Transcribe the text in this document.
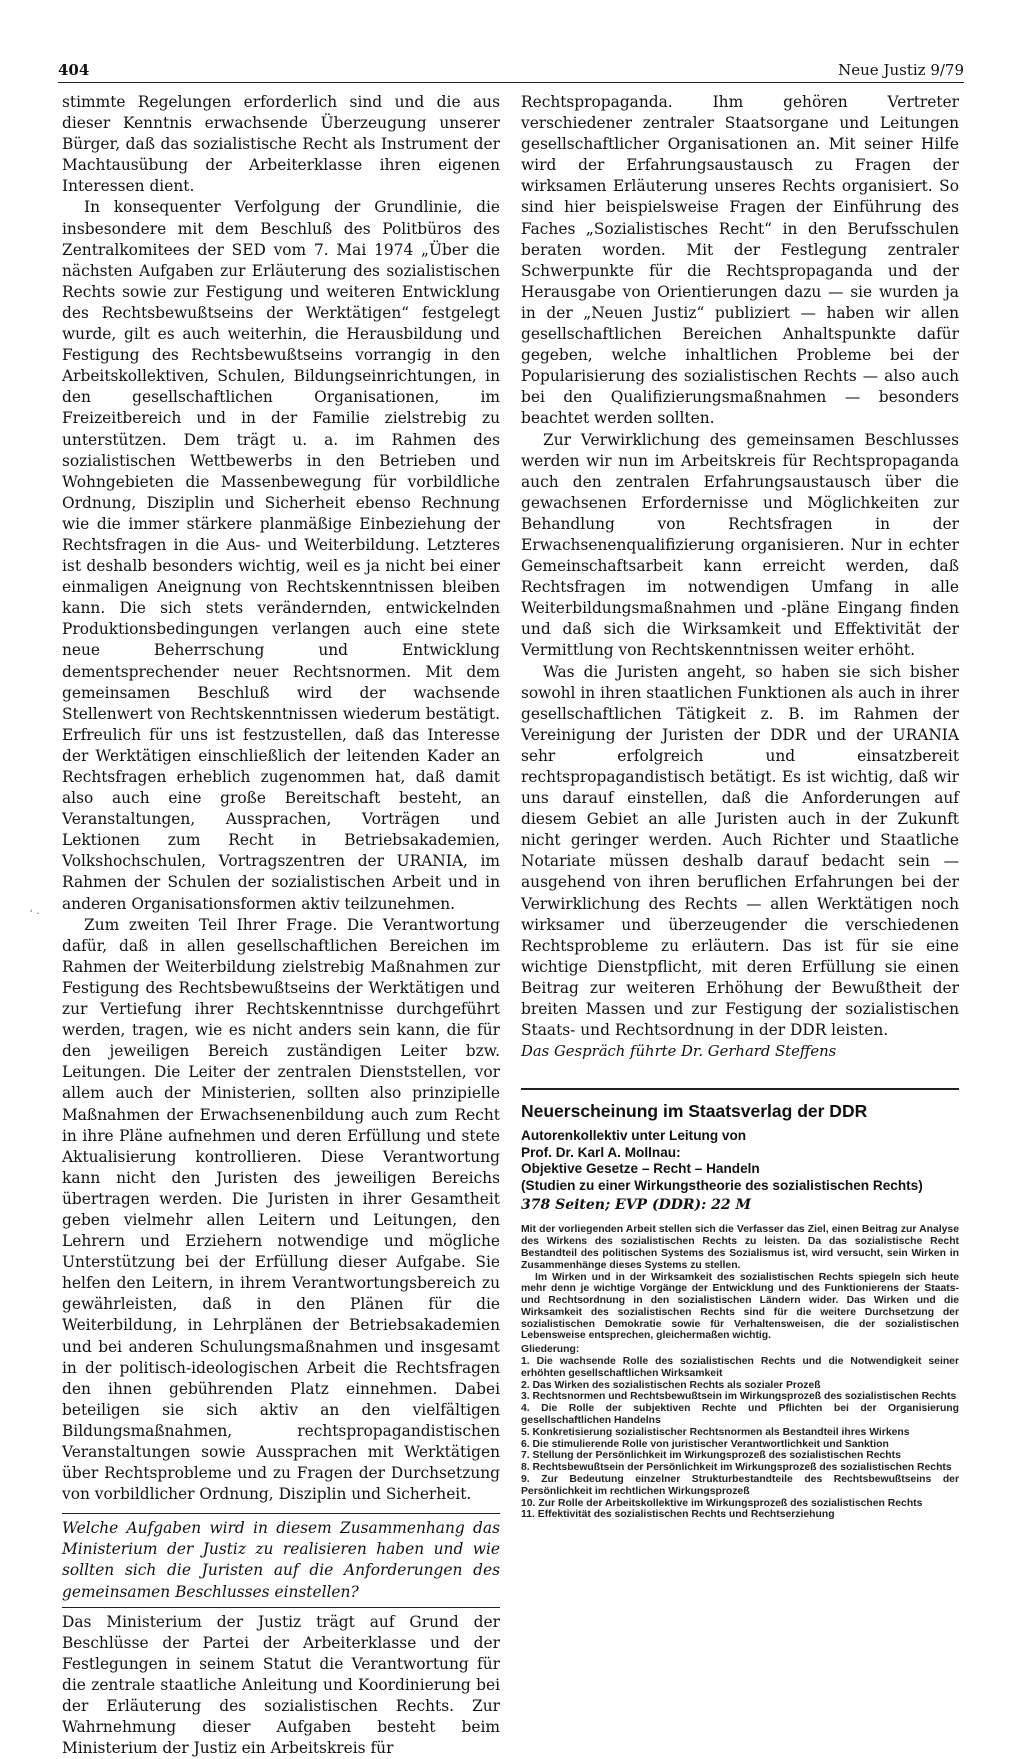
404	Neue Justiz 9/79
ʿ ·

stimmte Regelungen erforderlich sind und die aus dieser Kenntnis erwachsende Überzeugung unserer Bürger, daß das sozialistische Recht als Instrument der Machtausübung der Arbeiterklasse ihren eigenen Interessen dient.

In konsequenter Verfolgung der Grundlinie, die insbesondere mit dem Beschluß des Politbüros des Zentralkomitees der SED vom 7. Mai 1974 „Über die nächsten Aufgaben zur Erläuterung des sozialistischen Rechts sowie zur Festigung und weiteren Entwicklung des Rechtsbewußtseins der Werktätigen“ festgelegt wurde, gilt es auch weiterhin, die Herausbildung und Festigung des Rechtsbewußtseins vorrangig in den Arbeitskollektiven, Schulen, Bildungseinrichtungen, in den gesellschaftlichen Organisationen, im Freizeitbereich und in der Familie zielstrebig zu unterstützen. Dem trägt u. a. im Rahmen des sozialistischen Wettbewerbs in den Betrieben und Wohngebieten die Massenbewegung für vorbildliche Ordnung, Disziplin und Sicherheit ebenso Rechnung wie die immer stärkere planmäßige Einbeziehung der Rechtsfragen in die Aus- und Weiterbildung. Letzteres ist deshalb besonders wichtig, weil es ja nicht bei einer einmaligen Aneignung von Rechtskenntnissen bleiben kann. Die sich stets verändernden, entwickelnden Produktionsbedingungen verlangen auch eine stete neue Beherrschung und Entwicklung dementsprechender neuer Rechtsnormen. Mit dem gemeinsamen Beschluß wird der wachsende Stellenwert von Rechtskenntnissen wiederum bestätigt. Erfreulich für uns ist festzustellen, daß das Interesse der Werktätigen einschließlich der leitenden Kader an Rechtsfragen erheblich zugenommen hat, daß damit also auch eine große Bereitschaft besteht, an Veranstaltungen, Aussprachen, Vorträgen und Lektionen zum Recht in Betriebsakademien, Volkshochschulen, Vortragszentren der URANIA, im Rahmen der Schulen der sozialistischen Arbeit und in anderen Organisationsformen aktiv teilzunehmen.

Zum zweiten Teil Ihrer Frage. Die Verantwortung dafür, daß in allen gesellschaftlichen Bereichen im Rahmen der Weiterbildung zielstrebig Maßnahmen zur Festigung des Rechtsbewußtseins der Werktätigen und zur Vertiefung ihrer Rechtskenntnisse durchgeführt werden, tragen, wie es nicht anders sein kann, die für den jeweiligen Bereich zuständigen Leiter bzw. Leitungen. Die Leiter der zentralen Dienststellen, vor allem auch der Ministerien, sollten also prinzipielle Maßnahmen der Erwachsenenbildung auch zum Recht in ihre Pläne aufnehmen und deren Erfüllung und stete Aktualisierung kontrollieren. Diese Verantwortung kann nicht den Juristen des jeweiligen Bereichs übertragen werden. Die Juristen in ihrer Gesamtheit geben vielmehr allen Leitern und Leitungen, den Lehrern und Erziehern notwendige und mögliche Unterstützung bei der Erfüllung dieser Aufgabe. Sie helfen den Leitern, in ihrem Verantwortungsbereich zu gewährleisten, daß in den Plänen für die Weiterbildung, in Lehrplänen der Betriebsakademien und bei anderen Schulungsmaßnahmen und insgesamt in der politisch-ideologischen Arbeit die Rechtsfragen den ihnen gebührenden Platz einnehmen. Dabei beteiligen sie sich aktiv an den vielfältigen Bildungsmaßnahmen, rechtspropagandistischen Veranstaltungen sowie Aussprachen mit Werktätigen über Rechtsprobleme und zu Fragen der Durchsetzung von vorbildlicher Ordnung, Disziplin und Sicherheit.

Welche Aufgaben wird in diesem Zusammenhang das Ministerium der Justiz zu realisieren haben und wie sollten sich die Juristen auf die Anforderungen des gemeinsamen Beschlusses einstellen?

Das Ministerium der Justiz trägt auf Grund der Beschlüsse der Partei der Arbeiterklasse und der Festlegungen in seinem Statut die Verantwortung für die zentrale staatliche Anleitung und Koordinierung bei der Erläuterung des sozialistischen Rechts. Zur Wahrnehmung dieser Aufgaben besteht beim Ministerium der Justiz ein Arbeitskreis für

Rechtspropaganda. Ihm gehören Vertreter verschiedener zentraler Staatsorgane und Leitungen gesellschaftlicher Organisationen an. Mit seiner Hilfe wird der Erfahrungsaustausch zu Fragen der wirksamen Erläuterung unseres Rechts organisiert. So sind hier beispielsweise Fragen der Einführung des Faches „Sozialistisches Recht“ in den Berufsschulen beraten worden. Mit der Festlegung zentraler Schwerpunkte für die Rechtspropaganda und der Herausgabe von Orientierungen dazu — sie wurden ja in der „Neuen Justiz“ publiziert — haben wir allen gesellschaftlichen Bereichen Anhaltspunkte dafür gegeben, welche inhaltlichen Probleme bei der Popularisierung des sozialistischen Rechts — also auch bei den Qualifizierungsmaßnahmen — besonders beachtet werden sollten.

Zur Verwirklichung des gemeinsamen Beschlusses werden wir nun im Arbeitskreis für Rechtspropaganda auch den zentralen Erfahrungsaustausch über die gewachsenen Erfordernisse und Möglichkeiten zur Behandlung von Rechtsfragen in der Erwachsenenqualifizierung organisieren. Nur in echter Gemeinschaftsarbeit kann erreicht werden, daß Rechtsfragen im notwendigen Umfang in alle Weiterbildungsmaßnahmen und -pläne Eingang finden und daß sich die Wirksamkeit und Effektivität der Vermittlung von Rechtskenntnissen weiter erhöht.

Was die Juristen angeht, so haben sie sich bisher sowohl in ihren staatlichen Funktionen als auch in ihrer gesellschaftlichen Tätigkeit z. B. im Rahmen der Vereinigung der Juristen der DDR und der URANIA sehr erfolgreich und einsatzbereit rechtspropagandistisch betätigt. Es ist wichtig, daß wir uns darauf einstellen, daß die Anforderungen auf diesem Gebiet an alle Juristen auch in der Zukunft nicht geringer werden. Auch Richter und Staatliche Notariate müssen deshalb darauf bedacht sein — ausgehend von ihren beruflichen Erfahrungen bei der Verwirklichung des Rechts — allen Werktätigen noch wirksamer und überzeugender die verschiedenen Rechtsprobleme zu erläutern. Das ist für sie eine wichtige Dienstpflicht, mit deren Erfüllung sie einen Beitrag zur weiteren Erhöhung der Bewußtheit der breiten Massen und zur Festigung der sozialistischen Staats- und Rechtsordnung in der DDR leisten.

Das Gespräch führte Dr. Gerhard Steffens

Neuerscheinung im Staatsverlag der DDR
Autorenkollektiv unter Leitung von
Prof. Dr. Karl A. Mollnau:
Objektive Gesetze – Recht – Handeln
(Studien zu einer Wirkungstheorie des sozialistischen Rechts)
378 Seiten; EVP (DDR): 22 M

Mit der vorliegenden Arbeit stellen sich die Verfasser das Ziel, einen Beitrag zur Analyse des Wirkens des sozialistischen Rechts zu leisten. Da das sozialistische Recht Bestandteil des politischen Systems des Sozialismus ist, wird versucht, sein Wirken in Zusammenhänge dieses Systems zu stellen.

Im Wirken und in der Wirksamkeit des sozialistischen Rechts spiegeln sich heute mehr denn je wichtige Vorgänge der Entwicklung und des Funktionierens der Staats- und Rechtsordnung in den sozialistischen Ländern wider. Das Wirken und die Wirksamkeit des sozialistischen Rechts sind für die weitere Durchsetzung der sozialistischen Demokratie sowie für Verhaltensweisen, die der sozialistischen Lebensweise entsprechen, gleichermaßen wichtig.

Gliederung:
1. Die wachsende Rolle des sozialistischen Rechts und die Notwendigkeit seiner erhöhten gesellschaftlichen Wirksamkeit
2. Das Wirken des sozialistischen Rechts als sozialer Prozeß
3. Rechtsnormen und Rechtsbewußtsein im Wirkungsprozeß des sozialistischen Rechts
4. Die Rolle der subjektiven Rechte und Pflichten bei der Organisierung gesellschaftlichen Handelns
5. Konkretisierung sozialistischer Rechtsnormen als Bestandteil ihres Wirkens
6. Die stimulierende Rolle von juristischer Verantwortlichkeit und Sanktion
7. Stellung der Persönlichkeit im Wirkungsprozeß des sozialistischen Rechts
8. Rechtsbewußtsein der Persönlichkeit im Wirkungsprozeß des sozialistischen Rechts
9. Zur Bedeutung einzelner Strukturbestandteile des Rechtsbewußtseins der Persönlichkeit im rechtlichen Wirkungsprozeß
10. Zur Rolle der Arbeitskollektive im Wirkungsprozeß des sozialistischen Rechts
11. Effektivität des sozialistischen Rechts und Rechtserziehung
